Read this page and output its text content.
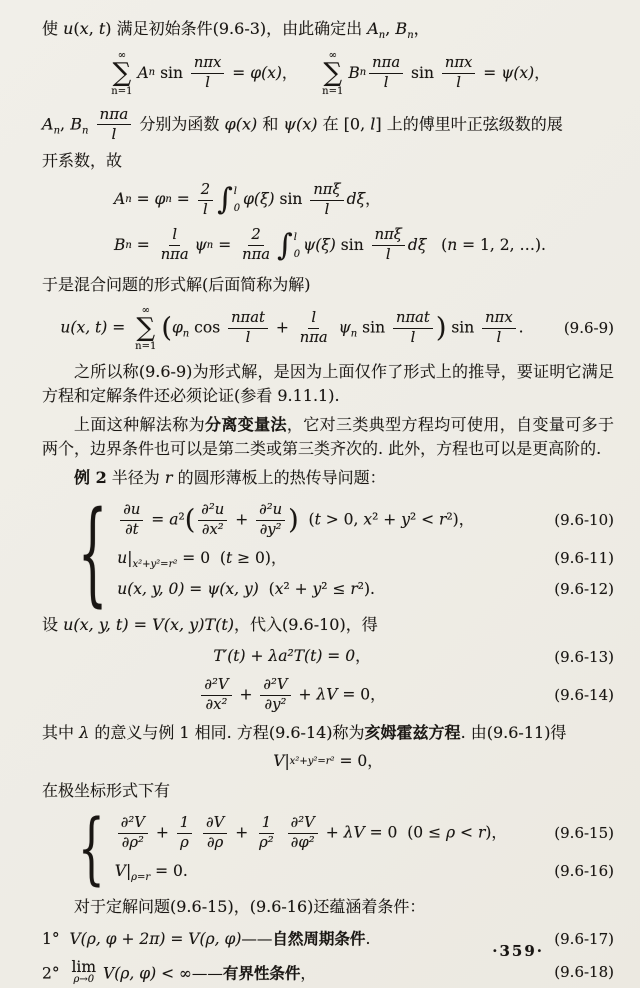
使 u(x, t) 满足初始条件(9.6-3)，由此确定出 $A_n$, $B_n$，

∞
∑
n=1
A n $\sin \frac{\text{nπx}}{l} = \varphi(x)$ ，
∞
∑
n=1
B n $\frac{\text{nπa}}{l}$ $\sin \frac{\text{nπx}}{l} = \psi(x)$ ，

$A_n$, $B_n \frac{\text{nπa}}{l}$ 分别为函数 φ(x) 和 ψ(x) 在 [0, l] 上的傅里叶正弦级数的展

开系数，故

A n = φ $n = \frac{2}{l}$ ∫ l
0
φ(ξ) $\sin \frac{\text{nπξ}}{l}$ dξ ，
B $n = \frac{l}{\text{nπa}}$ ψ $n = \frac{2}{\text{nπa}}$ ∫ l
0
ψ(ξ) $\sin \frac{\text{nπξ}}{l}$ dξ ( n = 1, 2, …).

于是混合问题的形式解(后面简称为解)

u(x, t) =
∞
∑
n=1
($\varphi_n$ $\cos \frac{\text{nπat}}{l} + \frac{l}{\text{nπa}} \psi_n$ $\sin \frac{\text{nπat}}{l}$ ) $\sin \frac{\text{nπx}}{l}$ .	(9.6-9)

之所以称(9.6-9)为形式解，是因为上面仅作了形式上的推导，要证明它满足方程和定解条件还必须论证(参看 9.11.1).

上面这种解法称为分离变量法，它对三类典型方程均可使用，自变量可多于两个，边界条件也可以是第二类或第三类齐次的. 此外，方程也可以是更高阶的.

例 2 半径为 r 的圆形薄板上的热传导问题：

{ $\frac{\partial u}{\partial t} = a^2( \frac{\text{∂²u}}{\text{∂x²}} + \frac{\text{∂²u}}{\text{∂y²}}$ )  (t > 0, x² + y² < r²)，	(9.6-10)
$u|_{x^2+y^2=r^2} = 0$  (t ≥ 0)，	(9.6-11)
u(x, y, 0) = ψ(x, y)  (x² + y² ≤ r²).	(9.6-12)

设 u(x, y, t) = V(x, y)T(t)，代入(9.6-10)，得

T′(t) + λa²T(t) = 0，	(9.6-13)
$\frac{\text{∂²V}}{\text{∂x²}} + \frac{\text{∂²V}}{\text{∂y²}} + \lambda V = 0$，	(9.6-14)

其中 λ 的意义与例 1 相同. 方程(9.6-14)称为亥姆霍兹方程. 由(9.6-11)得

V | x²+y²=r² = 0，

在极坐标形式下有

{ $\frac{\text{∂²V}}{\text{∂ρ²}} + \frac{1}{\rho}$
$\frac{\partial V}{\partial\rho} + \frac{1}{\text{ρ²}}$
$\frac{\text{∂²V}}{\text{∂φ²}} + \lambda V = 0$  (0 ≤ ρ < r)，	(9.6-15)
$V|_{\rho=r} = 0$.	(9.6-16)

对于定解问题(9.6-15)，(9.6-16)还蕴涵着条件：

1°  V(ρ, φ + 2π) = V(ρ, φ)——自然周期条件.	(9.6-17)
2° lim
ρ→0 V(ρ, φ) < ∞——有界性条件，	(9.6-18)
·359·
